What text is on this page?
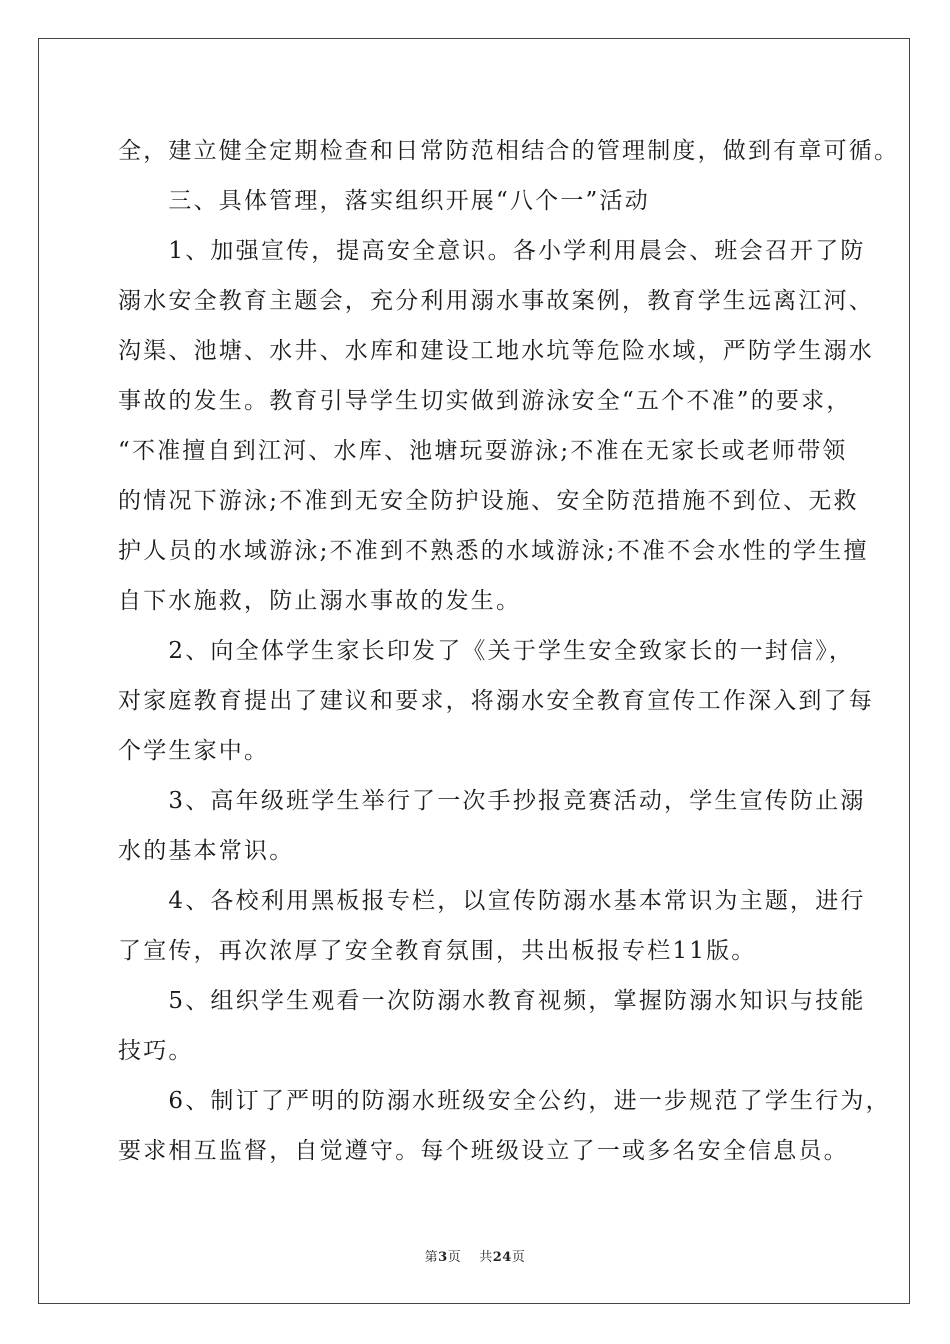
全，建立健全定期检查和日常防范相结合的管理制度，做到有章可循。
　　三、具体管理，落实组织开展“八个一”活动
　　1、加强宣传，提高安全意识。各小学利用晨会、班会召开了防
溺水安全教育主题会，充分利用溺水事故案例，教育学生远离江河、
沟渠、池塘、水井、水库和建设工地水坑等危险水域，严防学生溺水
事故的发生。教育引导学生切实做到游泳安全“五个不准”的要求，
“不准擅自到江河、水库、池塘玩耍游泳;不准在无家长或老师带领
的情况下游泳;不准到无安全防护设施、安全防范措施不到位、无救
护人员的水域游泳;不准到不熟悉的水域游泳;不准不会水性的学生擅
自下水施救，防止溺水事故的发生。
　　2、向全体学生家长印发了《关于学生安全致家长的一封信》，
对家庭教育提出了建议和要求，将溺水安全教育宣传工作深入到了每
个学生家中。
　　3、高年级班学生举行了一次手抄报竞赛活动，学生宣传防止溺
水的基本常识。
　　4、各校利用黑板报专栏，以宣传防溺水基本常识为主题，进行
了宣传，再次浓厚了安全教育氛围，共出板报专栏11版。
　　5、组织学生观看一次防溺水教育视频，掌握防溺水知识与技能
技巧。
　　6、制订了严明的防溺水班级安全公约，进一步规范了学生行为，
要求相互监督，自觉遵守。每个班级设立了一或多名安全信息员。
第3页 共24页
